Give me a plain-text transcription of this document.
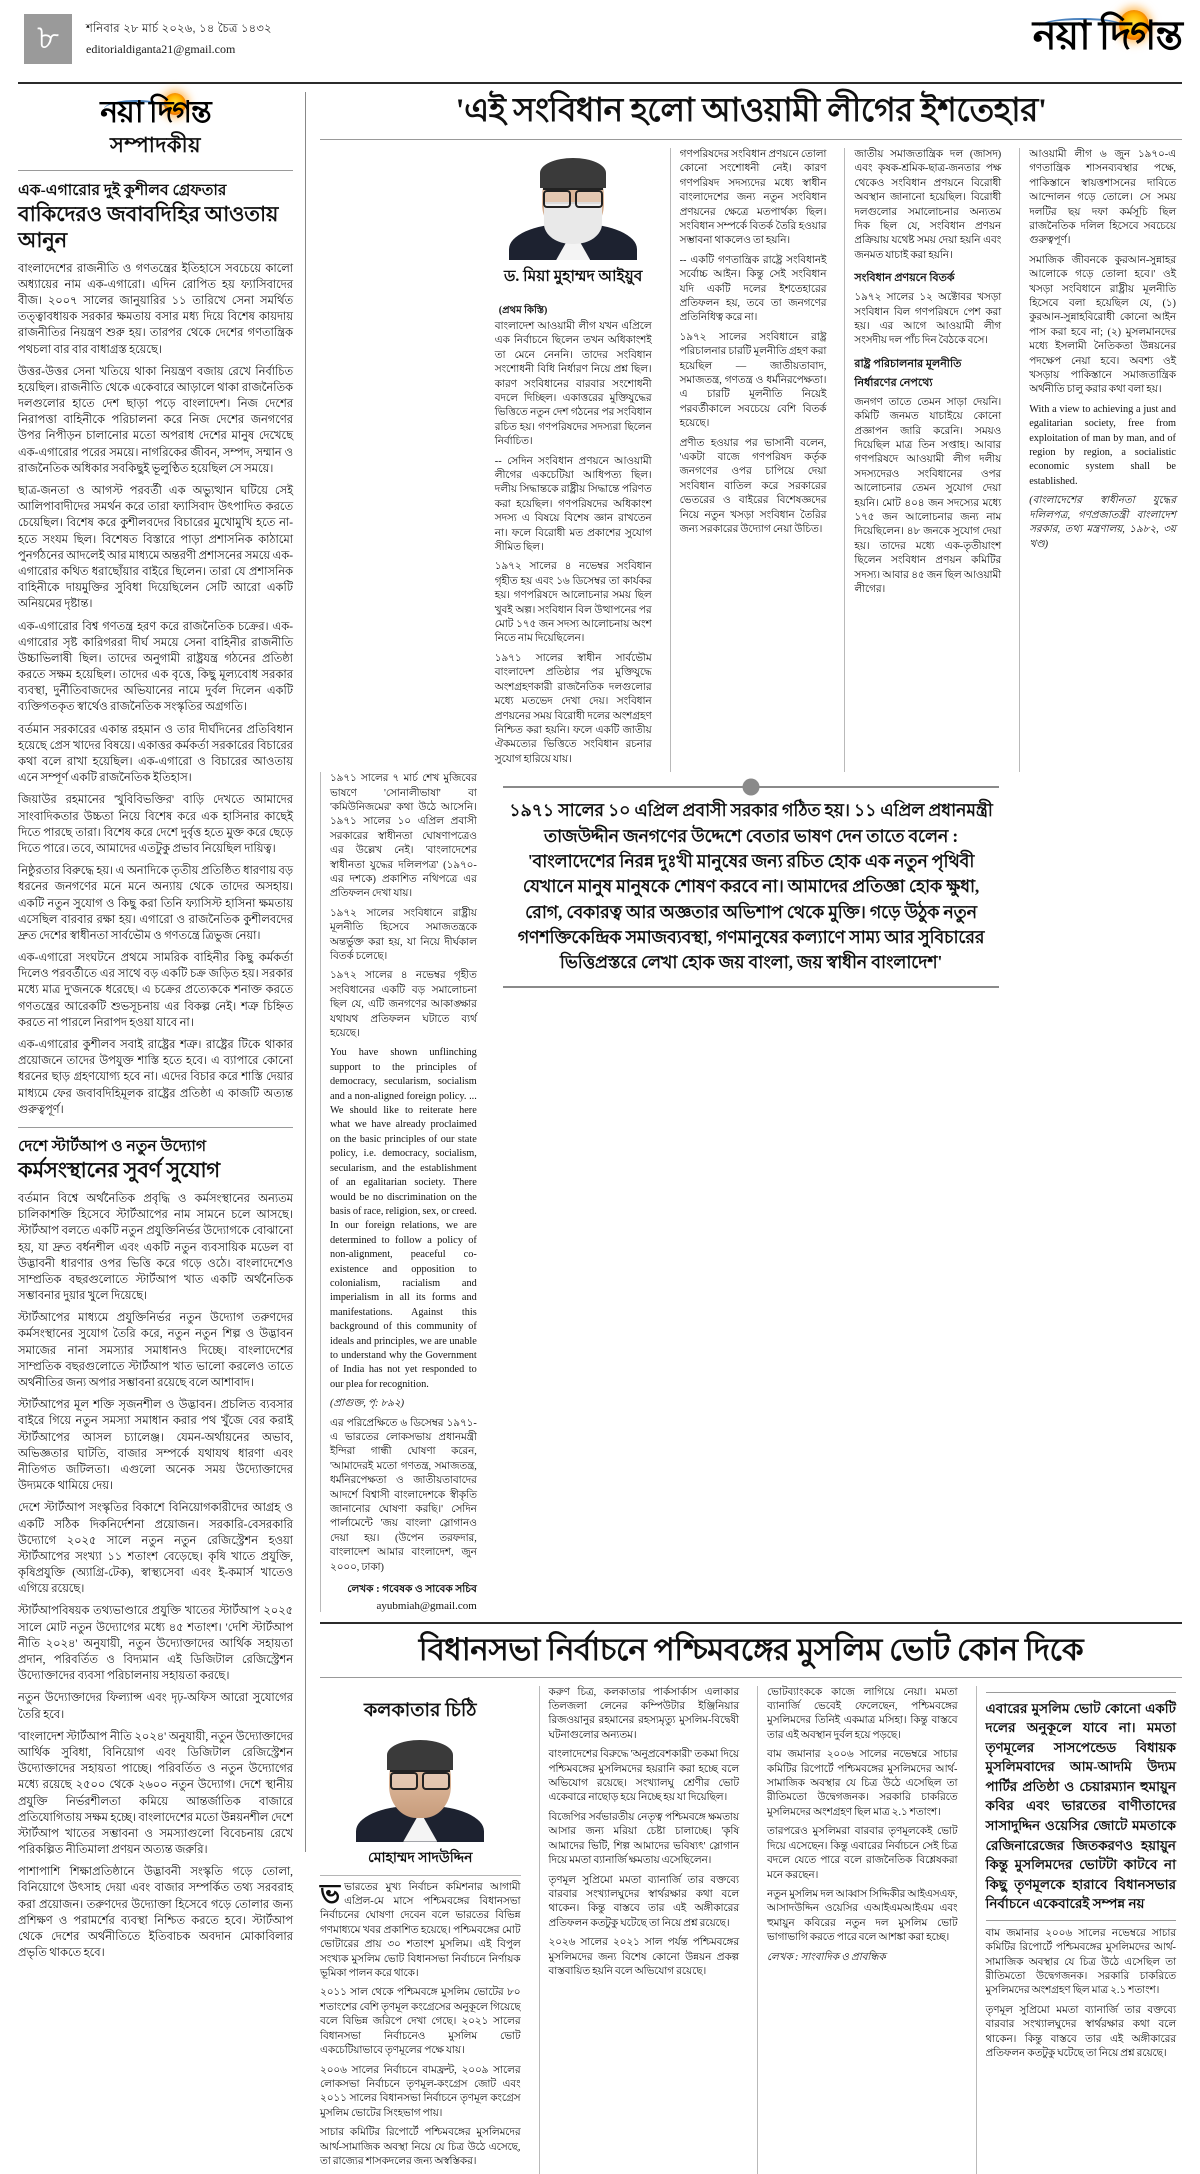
৮	শনিবার ২৮ মার্চ ২০২৬, ১৪ চৈত্র ১৪৩২
editorialdiganta21@gmail.com	নয়া দিগন্ত
নয়া দিগন্ত
সম্পাদকীয়
এক-এগারোর দুই কুশীলব গ্রেফতার
বাকিদেরও জবাবদিহির আওতায় আনুন

বাংলাদেশের রাজনীতি ও গণতন্ত্রের ইতিহাসে সবচেয়ে কালো অধ্যায়ের নাম এক-এগারো। এদিন রোপিত হয় ফ্যাসিবাদের বীজ। ২০০৭ সালের জানুয়ারির ১১ তারিখে সেনা সমর্থিত তত্ত্বাবধায়ক সরকার ক্ষমতায় বসার মধ্য দিয়ে বিশেষ কায়দায় রাজনীতির নিয়ন্ত্রণ শুরু হয়। তারপর থেকে দেশের গণতান্ত্রিক পথচলা বার বার বাধাগ্রস্ত হয়েছে।

উত্তর-উত্তর সেনা খতিয়ে থাকা নিয়ন্ত্রণ বজায় রেখে নির্বাচিত হয়েছিল। রাজনীতি থেকে একেবারে আড়ালে থাকা রাজনৈতিক দলগুলোর হাতে দেশ ছাড়া পড়ে বাংলাদেশ। নিজ দেশের নিরাপত্তা বাহিনীকে পরিচালনা করে নিজ দেশের জনগণের উপর নিপীড়ন চালানোর মতো অপরাধ দেশের মানুষ দেখেছে এক-এগারোর পরের সময়ে। নাগরিকের জীবন, সম্পদ, সম্মান ও রাজনৈতিক অধিকার সবকিছুই ভূলুণ্ঠিত হয়েছিল সে সময়ে।

ছাত্র-জনতা ও আগস্ট পরবর্তী এক অভ্যুত্থান ঘটিয়ে সেই আলিপাবাদীদের সমর্থন করে তারা ফ্যাসিবাদ উৎপাদিত করতে চেয়েছিল। বিশেষ করে কুশীলবদের বিচারের মুখোমুখি হতে না-হতে সংযম ছিল। বিশেষত বিস্তারে পাড়া প্রশাসনিক কাঠামো পুনর্গঠনের আদলেই আর মাধ্যমে অন্তরণী প্রশাসনের সময়ে এক-এগারোর কথিত ধরাছোঁয়ার বাইরে ছিলেন। তারা যে প্রশাসনিক বাহিনীকে দায়মুক্তির সুবিধা দিয়েছিলেন সেটি আরো একটি অনিয়মের দৃষ্টান্ত।

এক-এগারোর বিশ্ব গণতন্ত্র হরণ করে রাজনৈতিক চক্রের। এক-এগারোর সৃষ্ট কারিগররা দীর্ঘ সময়ে সেনা বাহিনীর রাজনীতি উচ্চাভিলাষী ছিল। তাদের অনুগামী রাষ্ট্রযন্ত্র গঠনের প্রতিষ্ঠা করতে সক্ষম হয়েছিল। তাদের এক বৃত্তে, কিছু মূল্যবোধ সরকার ব্যবস্থা, দুর্নীতিবাজদের অভিযানের নামে দুর্বল দিলেন একটি ব্যক্তিগতকৃত স্বার্থেও রাজনৈতিক সংস্কৃতির অগ্রগতি।

বর্তমান সরকারের একান্ত রহমান ও তার দীর্ঘদিনের প্রতিবিধান হয়েছে প্রেস খাদের বিষয়ে। একাত্তর কর্মকর্তা সরকারের বিচারের কথা বলে রাখা হয়েছিল। এক-এগারো ও বিচারের আওতায় এনে সম্পূর্ণ একটি রাজনৈতিক ইতিহাস।

জিয়াউর রহমানের 'খুবিবিভক্তির' বাড়ি দেখতে আমাদের সাংবাদিকতার উচ্চতা নিয়ে বিশেষ করে এক হাসিনার কাছেই দিতে পারছে তারা। বিশেষ করে দেশে দুর্বৃত্ত হতে মুক্ত করে ছেড়ে দিতে পারে। তবে, আমাদের এতটুকু প্রভাব নিয়েছিল দায়িত্ব।

নিষ্ঠুরতার বিরুদ্ধে হয়। এ অনাদিকে তৃতীয় প্রতিষ্ঠিত ধারণায় বড় ধরনের জনগণের মনে মনে অন্যায় থেকে তাদের অসহায়। একটি নতুন সুযোগ ও কিছু করা তিনি ফ্যাসিস্ট হাসিনা ক্ষমতায় এসেছিল বারবার রক্ষা হয়। এগারো ও রাজনৈতিক কুশীলবদের দ্রুত দেশের স্বাধীনতা সার্বভৌম ও গণতন্ত্রে ত্রিভুজ নেয়া।

এক-এগারো সংঘটনে প্রথমে সামরিক বাহিনীর কিছু কর্মকর্তা দিলেও পরবর্তীতে এর সাথে বড় একটি চক্র জড়িত হয়। সরকার মধ্যে মাত্র দু'জনকে ধরেছে। এ চক্রের প্রত্যেককে শনাক্ত করতে গণতন্ত্রের আরেকটি শুভসূচনায় এর বিকল্প নেই। শত্রু চিহ্নিত করতে না পারলে নিরাপদ হওয়া যাবে না।

এক-এগারোর কুশীলব সবাই রাষ্ট্রের শত্রু। রাষ্ট্রের টিকে থাকার প্রয়োজনে তাদের উপযুক্ত শাস্তি হতে হবে। এ ব্যাপারে কোনো ধরনের ছাড় গ্রহণযোগ্য হবে না। এদের বিচার করে শাস্তি দেয়ার মাধ্যমে ফের জবাবদিহিমূলক রাষ্ট্রের প্রতিষ্ঠা এ কাজটি অত্যন্ত গুরুত্বপূর্ণ।

দেশে স্টার্টআপ ও নতুন উদ্যোগ
কর্মসংস্থানের সুবর্ণ সুযোগ

বর্তমান বিশ্বে অর্থনৈতিক প্রবৃদ্ধি ও কর্মসংস্থানের অন্যতম চালিকাশক্তি হিসেবে স্টার্টআপের নাম সামনে চলে আসছে। স্টার্টআপ বলতে একটি নতুন প্রযুক্তিনির্ভর উদ্যোগকে বোঝানো হয়, যা দ্রুত বর্ধনশীল এবং একটি নতুন ব্যবসায়িক মডেল বা উদ্ভাবনী ধারণার ওপর ভিত্তি করে গড়ে ওঠে। বাংলাদেশেও সাম্প্রতিক বছরগুলোতে স্টার্টআপ খাত একটি অর্থনৈতিক সম্ভাবনার দুয়ার খুলে দিয়েছে।

স্টার্টআপের মাধ্যমে প্রযুক্তিনির্ভর নতুন উদ্যোগ তরুণদের কর্মসংস্থানের সুযোগ তৈরি করে, নতুন নতুন শিল্প ও উদ্ভাবন সমাজের নানা সমস্যার সমাধানও দিচ্ছে। বাংলাদেশের সাম্প্রতিক বছরগুলোতে স্টার্টআপ খাত ভালো করলেও তাতে অর্থনীতির জন্য অপার সম্ভাবনা রয়েছে বলে আশাবাদ।

স্টার্টআপের মূল শক্তি সৃজনশীল ও উদ্ভাবন। প্রচলিত ব্যবসার বাইরে গিয়ে নতুন সমস্যা সমাধান করার পথ খুঁজে বের করাই স্টার্টআপের আসল চ্যালেঞ্জ। যেমন-অর্থায়নের অভাব, অভিজ্ঞতার ঘাটতি, বাজার সম্পর্কে যথাযথ ধারণা এবং নীতিগত জটিলতা। এগুলো অনেক সময় উদ্যোক্তাদের উদ্যমকে থামিয়ে দেয়।

দেশে স্টার্টআপ সংস্কৃতির বিকাশে বিনিয়োগকারীদের আগ্রহ ও একটি সঠিক দিকনির্দেশনা প্রয়োজন। সরকারি-বেসরকারি উদ্যোগে ২০২৫ সালে নতুন নতুন রেজিস্ট্রেশন হওয়া স্টার্টআপের সংখ্যা ১১ শতাংশ বেড়েছে। কৃষি খাতে প্রযুক্তি, কৃষিপ্রযুক্তি (অ্যাগ্রি-টেক), স্বাস্থ্যসেবা এবং ই-কমার্স খাতেও এগিয়ে রয়েছে।

স্টার্টআপবিষয়ক তথ্যভাণ্ডারে প্রযুক্তি খাতের স্টার্টআপ ২০২৫ সালে মোট নতুন উদ্যোগের মধ্যে ৪৫ শতাংশ। 'দেশি স্টার্টআপ নীতি ২০২৪' অনুযায়ী, নতুন উদ্যোক্তাদের আর্থিক সহায়তা প্রদান, পরিবর্তিত ও বিদ্যমান এই ডিজিটাল রেজিস্ট্রেশন উদ্যোক্তাদের ব্যবসা পরিচালনায় সহায়তা করছে।

নতুন উদ্যোক্তাদের ফিল্যান্স এবং দৃঢ়-অফিস আরো সুযোগের তৈরি হবে।

'বাংলাদেশ স্টার্টআপ নীতি ২০২৪' অনুযায়ী, নতুন উদ্যোক্তাদের আর্থিক সুবিধা, বিনিয়োগ এবং ডিজিটাল রেজিস্ট্রেশন উদ্যোক্তাদের সহায়তা পাচ্ছে। পরিবর্তিত ও নতুন উদ্যোগের মধ্যে রয়েছে ২৫০০ থেকে ২৬০০ নতুন উদ্যোগ। দেশে স্থানীয় প্রযুক্তি নির্ভরশীলতা কমিয়ে আন্তর্জাতিক বাজারে প্রতিযোগিতায় সক্ষম হচ্ছে। বাংলাদেশের মতো উন্নয়নশীল দেশে স্টার্টআপ খাতের সম্ভাবনা ও সমস্যাগুলো বিবেচনায় রেখে পরিকল্পিত নীতিমালা প্রণয়ন অত্যন্ত জরুরি।

পাশাপাশি শিক্ষাপ্রতিষ্ঠানে উদ্ভাবনী সংস্কৃতি গড়ে তোলা, বিনিয়োগে উৎসাহ দেয়া এবং বাজার সম্পর্কিত তথ্য সরবরাহ করা প্রয়োজন। তরুণদের উদ্যোক্তা হিসেবে গড়ে তোলার জন্য প্রশিক্ষণ ও পরামর্শের ব্যবস্থা নিশ্চিত করতে হবে। স্টার্টআপ থেকে দেশের অর্থনীতিতে ইতিবাচক অবদান মোকাবিলার প্রভৃতি থাকতে হবে।

'এই সংবিধান হলো আওয়ামী লীগের ইশতেহার'
ড. মিয়া মুহাম্মদ আইয়ুব
(প্রথম কিস্তি)

বাংলাদেশ আওয়ামী লীগ যখন এপ্রিলে এক নির্বাচনে ছিলেন তখন অধিকাংশই তা মেনে নেননি। তাদের সংবিধান সংশোধনী বিধি নির্ধারণ নিয়ে প্রশ্ন ছিল। কারণ সংবিধানের বারবার সংশোধনী বদলে দিচ্ছিল। একাত্তরের মুক্তিযুদ্ধের ভিত্তিতে নতুন দেশ গঠনের পর সংবিধান রচিত হয়। গণপরিষদের সদস্যরা ছিলেন নির্বাচিত।

-- সেদিন সংবিধান প্রণয়নে আওয়ামী লীগের একচেটিয়া আধিপত্য ছিল। দলীয় সিদ্ধান্তকে রাষ্ট্রীয় সিদ্ধান্তে পরিণত করা হয়েছিল। গণপরিষদের অধিকাংশ সদস্য এ বিষয়ে বিশেষ জ্ঞান রাখতেন না। ফলে বিরোধী মত প্রকাশের সুযোগ সীমিত ছিল।

১৯৭২ সালের ৪ নভেম্বর সংবিধান গৃহীত হয় এবং ১৬ ডিসেম্বর তা কার্যকর হয়। গণপরিষদে আলোচনার সময় ছিল খুবই অল্প। সংবিধান বিল উত্থাপনের পর মোট ১৭৫ জন সদস্য আলোচনায় অংশ নিতে নাম দিয়েছিলেন।

১৯৭১ সালের স্বাধীন সার্বভৌম বাংলাদেশ প্রতিষ্ঠার পর মুক্তিযুদ্ধে অংশগ্রহণকারী রাজনৈতিক দলগুলোর মধ্যে মতভেদ দেখা দেয়। সংবিধান প্রণয়নের সময় বিরোধী দলের অংশগ্রহণ নিশ্চিত করা হয়নি। ফলে একটি জাতীয় ঐকমত্যের ভিত্তিতে সংবিধান রচনার সুযোগ হারিয়ে যায়।

গণপরিষদের সংবিধান প্রণয়নে তোলা কোনো সংশোধনী নেই। কারণ গণপরিষদ সদস্যদের মধ্যে স্বাধীন বাংলাদেশের জন্য নতুন সংবিধান প্রণয়নের ক্ষেত্রে মতপার্থক্য ছিল। সংবিধান সম্পর্কে বিতর্ক তৈরি হওয়ার সম্ভাবনা থাকলেও তা হয়নি।

-- একটি গণতান্ত্রিক রাষ্ট্রে সংবিধানই সর্বোচ্চ আইন। কিন্তু সেই সংবিধান যদি একটি দলের ইশতেহারের প্রতিফলন হয়, তবে তা জনগণের প্রতিনিধিত্ব করে না।

১৯৭২ সালের সংবিধানে রাষ্ট্র পরিচালনার চারটি মূলনীতি গ্রহণ করা হয়েছিল — জাতীয়তাবাদ, সমাজতন্ত্র, গণতন্ত্র ও ধর্মনিরপেক্ষতা। এ চারটি মূলনীতি নিয়েই পরবর্তীকালে সবচেয়ে বেশি বিতর্ক হয়েছে।

প্রণীত হওয়ার পর ভাসানী বলেন, 'একটা বাজে গণপরিষদ কর্তৃক জনগণের ওপর চাপিয়ে দেয়া সংবিধান বাতিল করে সরকারের ভেতরের ও বাইরের বিশেষজ্ঞদের নিয়ে নতুন খসড়া সংবিধান তৈরির জন্য সরকারের উদ্যোগ নেয়া উচিত।

জাতীয় সমাজতান্ত্রিক দল (জাসদ) এবং কৃষক-শ্রমিক-ছাত্র-জনতার পক্ষ থেকেও সংবিধান প্রণয়নে বিরোধী অবস্থান জানানো হয়েছিল। বিরোধী দলগুলোর সমালোচনার অন্যতম দিক ছিল যে, সংবিধান প্রণয়ন প্রক্রিয়ায় যথেষ্ট সময় দেয়া হয়নি এবং জনমত যাচাই করা হয়নি।

সংবিধান প্রণয়নে বিতর্ক

১৯৭২ সালের ১২ অক্টোবর খসড়া সংবিধান বিল গণপরিষদে পেশ করা হয়। এর আগে আওয়ামী লীগ সংসদীয় দল পাঁচ দিন বৈঠকে বসে।

রাষ্ট্র পরিচালনার মূলনীতি নির্ধারণের নেপথ্যে

জনগণ তাতে তেমন সাড়া দেয়নি। কমিটি জনমত যাচাইয়ে কোনো প্রজ্ঞাপন জারি করেনি। সময়ও দিয়েছিল মাত্র তিন সপ্তাহ। আবার গণপরিষদে আওয়ামী লীগ দলীয় সদস্যদেরও সংবিধানের ওপর আলোচনার তেমন সুযোগ দেয়া হয়নি। মোট ৪০৪ জন সদস্যের মধ্যে ১৭৫ জন আলোচনার জন্য নাম দিয়েছিলেন। ৪৮ জনকে সুযোগ দেয়া হয়। তাদের মধ্যে এক-তৃতীয়াংশ ছিলেন সংবিধান প্রণয়ন কমিটির সদস্য। আবার ৪৫ জন ছিল আওয়ামী লীগের।

আওয়ামী লীগ ৬ জুন ১৯৭০-এ গণতান্ত্রিক শাসনব্যবস্থার পক্ষে, পাকিস্তানে স্বায়ত্তশাসনের দাবিতে আন্দোলন গড়ে তোলে। সে সময় দলটির ছয় দফা কর্মসূচি ছিল রাজনৈতিক দলিল হিসেবে সবচেয়ে গুরুত্বপূর্ণ।

সমাজিক জীবনকে কুরআন-সুন্নাহর আলোকে গড়ে তোলা হবে।' ওই খসড়া সংবিধানে রাষ্ট্রীয় মূলনীতি হিসেবে বলা হয়েছিল যে, (১) কুরআন-সুন্নাহবিরোধী কোনো আইন পাস করা হবে না; (২) মুসলমানদের মধ্যে ইসলামী নৈতিকতা উন্নয়নের পদক্ষেপ নেয়া হবে। অবশ্য ওই খসড়ায় পাকিস্তানে সমাজতান্ত্রিক অর্থনীতি চালু করার কথা বলা হয়।

With a view to achieving a just and egalitarian society, free from exploitation of man by man, and of region by region, a socialistic economic system shall be established.

(বাংলাদেশের স্বাধীনতা যুদ্ধের দলিলপত্র, গণপ্রজাতন্ত্রী বাংলাদেশ সরকার, তথ্য মন্ত্রণালয়, ১৯৮২, ৩য় খণ্ড)

১৯৭১ সালের ৭ মার্চ শেখ মুজিবের ভাষণে 'সোনালীভাষা' বা 'কমিউনিজমের' কথা উঠে আসেনি। ১৯৭১ সালের ১০ এপ্রিল প্রবাসী সরকারের স্বাধীনতা ঘোষণাপত্রেও এর উল্লেখ নেই। 'বাংলাদেশের স্বাধীনতা যুদ্ধের দলিলপত্র' (১৯৭০-এর দশকে) প্রকাশিত নথিপত্রে এর প্রতিফলন দেখা যায়।

১৯৭২ সালের সংবিধানে রাষ্ট্রীয় মূলনীতি হিসেবে সমাজতন্ত্রকে অন্তর্ভুক্ত করা হয়, যা নিয়ে দীর্ঘকাল বিতর্ক চলেছে।

১৯৭২ সালের ৪ নভেম্বর গৃহীত সংবিধানের একটি বড় সমালোচনা ছিল যে, এটি জনগণের আকাঙ্ক্ষার যথাযথ প্রতিফলন ঘটাতে ব্যর্থ হয়েছে।

You have shown unflinching support to the principles of democracy, secularism, socialism and a non-aligned foreign policy. ... We should like to reiterate here what we have already proclaimed on the basic principles of our state policy, i.e. democracy, socialism, secularism, and the establishment of an egalitarian society. There would be no discrimination on the basis of race, religion, sex, or creed. In our foreign relations, we are determined to follow a policy of non-alignment, peaceful co-existence and opposition to colonialism, racialism and imperialism in all its forms and manifestations. Against this background of this community of ideals and principles, we are unable to understand why the Government of India has not yet responded to our plea for recognition.

(প্রাগুক্ত, পৃ: ৮৯২)

এর পরিপ্রেক্ষিতে ৬ ডিসেম্বর ১৯৭১-এ ভারতের লোকসভায় প্রধানমন্ত্রী ইন্দিরা গান্ধী ঘোষণা করেন, 'আমাদেরই মতো গণতন্ত্র, সমাজতন্ত্র, ধর্মনিরপেক্ষতা ও জাতীয়তাবাদের আদর্শে বিশ্বাসী বাংলাদেশকে স্বীকৃতি জানানোর ঘোষণা করছি।' সেদিন পার্লামেন্টে 'জয় বাংলা' স্লোগানও দেয়া হয়। (উপেন তরফদার, বাংলাদেশ আমার বাংলাদেশ, জুন ২০০০, ঢাকা)

লেখক : গবেষক ও সাবেক সচিব
ayubmiah@gmail.com
১৯৭১ সালের ১০ এপ্রিল প্রবাসী সরকার গঠিত হয়। ১১ এপ্রিল প্রধানমন্ত্রী তাজউদ্দীন জনগণের উদ্দেশে বেতার ভাষণ দেন তাতে বলেন : 'বাংলাদেশের নিরন্ন দুঃখী মানুষের জন্য রচিত হোক এক নতুন পৃথিবী যেখানে মানুষ মানুষকে শোষণ করবে না। আমাদের প্রতিজ্ঞা হোক ক্ষুধা, রোগ, বেকারত্ব আর অজ্ঞতার অভিশাপ থেকে মুক্তি। গড়ে উঠুক নতুন গণশক্তিকেন্দ্রিক সমাজব্যবস্থা, গণমানুষের কল্যাণে সাম্য আর সুবিচারের ভিত্তিপ্রস্তরে লেখা হোক জয় বাংলা, জয় স্বাধীন বাংলাদেশ'
বিধানসভা নির্বাচনে পশ্চিমবঙ্গের মুসলিম ভোট কোন দিকে
কলকাতার চিঠি
মোহাম্মদ সাদউদ্দিন

ভভারতের মুখ্য নির্বাচন কমিশনার আগামী এপ্রিল-মে মাসে পশ্চিমবঙ্গের বিধানসভা নির্বাচনের ঘোষণা দেবেন বলে ভারতের বিভিন্ন গণমাধ্যমে খবর প্রকাশিত হয়েছে। পশ্চিমবঙ্গের মোট ভোটারের প্রায় ৩০ শতাংশ মুসলিম। এই বিপুল সংখ্যক মুসলিম ভোট বিধানসভা নির্বাচনে নির্ণায়ক ভূমিকা পালন করে থাকে।

২০১১ সাল থেকে পশ্চিমবঙ্গে মুসলিম ভোটের ৮০ শতাংশের বেশি তৃণমূল কংগ্রেসের অনুকূলে গিয়েছে বলে বিভিন্ন জরিপে দেখা গেছে। ২০২১ সালের বিধানসভা নির্বাচনেও মুসলিম ভোট একচেটিয়াভাবে তৃণমূলের পক্ষে যায়।

২০০৬ সালের নির্বাচনে বামফ্রন্ট, ২০০৯ সালের লোকসভা নির্বাচনে তৃণমূল-কংগ্রেস জোট এবং ২০১১ সালের বিধানসভা নির্বাচনে তৃণমূল কংগ্রেস মুসলিম ভোটের সিংহভাগ পায়।

সাচার কমিটির রিপোর্টে পশ্চিমবঙ্গের মুসলিমদের আর্থ-সামাজিক অবস্থা নিয়ে যে চিত্র উঠে এসেছে, তা রাজ্যের শাসকদলের জন্য অস্বস্তিকর।

করুণ চিত্র, কলকাতার পার্কসার্কাস এলাকার তিলজলা লেনের কম্পিউটার ইঞ্জিনিয়ার রিজওয়ানুর রহমানের রহস্যমৃত্যু মুসলিম-বিদ্বেষী ঘটনাগুলোর অন্যতম।

বাংলাদেশের বিরুদ্ধে 'অনুপ্রবেশকারী' তকমা দিয়ে পশ্চিমবঙ্গের মুসলিমদের হয়রানি করা হচ্ছে বলে অভিযোগ রয়েছে। সংখ্যালঘু শ্রেণীর ভোট একেবারে নাছোড় হয়ে নিচ্ছে হয় যা দিয়েছিল।

বিজেপির সর্বভারতীয় নেতৃত্ব পশ্চিমবঙ্গে ক্ষমতায় আসার জন্য মরিয়া চেষ্টা চালাচ্ছে। 'কৃষি আমাদের ভিটি, শিল্প আমাদের ভবিষ্যৎ' স্লোগান দিয়ে মমতা ব্যানার্জি ক্ষমতায় এসেছিলেন।

তৃণমূল সুপ্রিমো মমতা ব্যানার্জি তার বক্তব্যে বারবার সংখ্যালঘুদের স্বার্থরক্ষার কথা বলে থাকেন। কিন্তু বাস্তবে তার এই অঙ্গীকারের প্রতিফলন কতটুকু ঘটেছে তা নিয়ে প্রশ্ন রয়েছে।

২০২৬ সালের ২০২১ সাল পর্যন্ত পশ্চিমবঙ্গের মুসলিমদের জন্য বিশেষ কোনো উন্নয়ন প্রকল্প বাস্তবায়িত হয়নি বলে অভিযোগ রয়েছে।

ভোটব্যাংককে কাজে লাগিয়ে নেয়া। মমতা ব্যানার্জি ভেবেই ফেলেছেন, পশ্চিমবঙ্গের মুসলিমদের তিনিই একমাত্র মসিহা। কিন্তু বাস্তবে তার এই অবস্থান দুর্বল হয়ে পড়ছে।

বাম জমানার ২০০৬ সালের নভেম্বরে সাচার কমিটির রিপোর্টে পশ্চিমবঙ্গের মুসলিমদের আর্থ-সামাজিক অবস্থার যে চিত্র উঠে এসেছিল তা রীতিমতো উদ্বেগজনক। সরকারি চাকরিতে মুসলিমদের অংশগ্রহণ ছিল মাত্র ২.১ শতাংশ।

তারপরেও মুসলিমরা বারবার তৃণমূলকেই ভোট দিয়ে এসেছেন। কিন্তু এবারের নির্বাচনে সেই চিত্র বদলে যেতে পারে বলে রাজনৈতিক বিশ্লেষকরা মনে করছেন।

নতুন মুসলিম দল আব্বাস সিদ্দিকীর আইএসএফ, আসাদউদ্দিন ওয়েসির এআইএমআইএম এবং হুমায়ুন কবিরের নতুন দল মুসলিম ভোট ভাগাভাগি করতে পারে বলে আশঙ্কা করা হচ্ছে।

লেখক : সাংবাদিক ও প্রাবন্ধিক

এবারের মুসলিম ভোট কোনো একটি দলের অনুকূলে যাবে না। মমতা তৃণমূলের সাসপেন্ডেড বিধায়ক মুসলিমবাদের আম-আদমি উদ্যম পার্টির প্রতিষ্ঠা ও চেয়ারম্যান হুমায়ুন কবির এবং ভারতের বাণীতাদের সাসাদুদ্দিন ওয়েসির জোটে মমতাকে রেজিনারেজের জিতকরণও হয়ায়ুন কিন্তু মুসলিমদের ভোটটা কাটবে না কিছু তৃণমূলকে হারাবে বিধানসভার নির্বাচনে একেবারেই সম্পন্ন নয়

বাম জমানার ২০০৬ সালের নভেম্বরে সাচার কমিটির রিপোর্টে পশ্চিমবঙ্গের মুসলিমদের আর্থ-সামাজিক অবস্থার যে চিত্র উঠে এসেছিল তা রীতিমতো উদ্বেগজনক। সরকারি চাকরিতে মুসলিমদের অংশগ্রহণ ছিল মাত্র ২.১ শতাংশ।

তৃণমূল সুপ্রিমো মমতা ব্যানার্জি তার বক্তব্যে বারবার সংখ্যালঘুদের স্বার্থরক্ষার কথা বলে থাকেন। কিন্তু বাস্তবে তার এই অঙ্গীকারের প্রতিফলন কতটুকু ঘটেছে তা নিয়ে প্রশ্ন রয়েছে।
